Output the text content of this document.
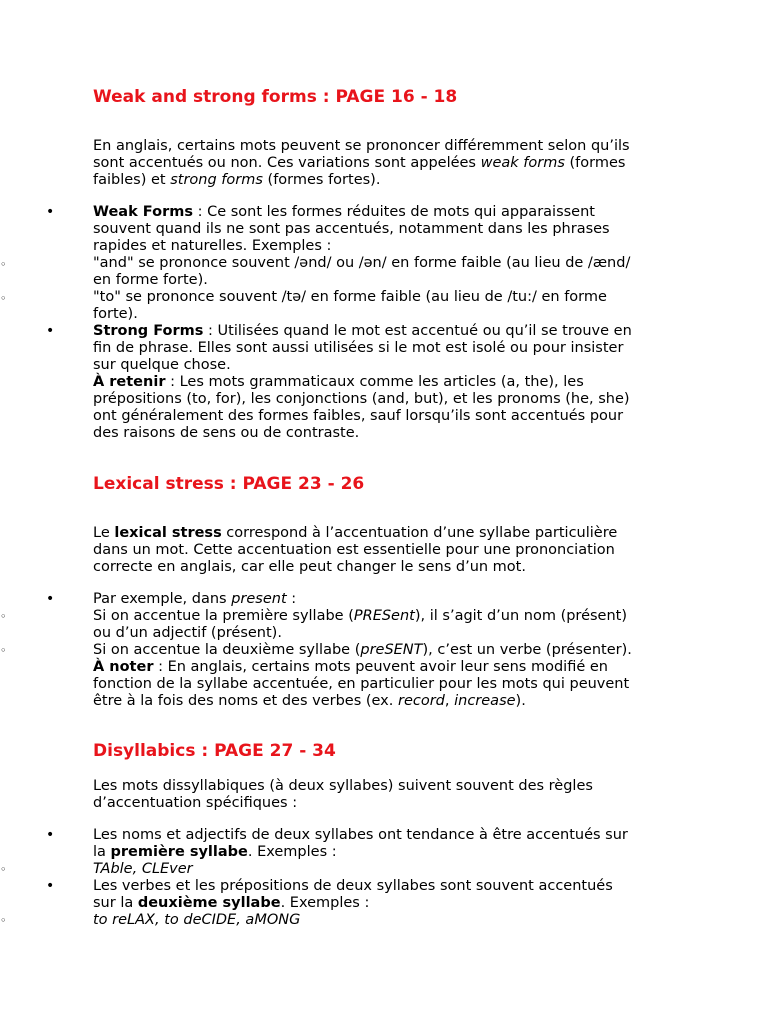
Weak and strong forms : PAGE 16 - 18
En anglais, certains mots peuvent se prononcer différemment selon qu’ils
sont accentués ou non. Ces variations sont appelées weak forms (formes
faibles) et strong forms (formes fortes).
•
◦
◦
Weak Forms : Ce sont les formes réduites de mots qui apparaissent
souvent quand ils ne sont pas accentués, notamment dans les phrases
rapides et naturelles. Exemples :
"and" se prononce souvent /ənd/ ou /ən/ en forme faible (au lieu de /ænd/
en forme forte).
"to" se prononce souvent /tə/ en forme faible (au lieu de /tu:/ en forme
forte).
•	Strong Forms : Utilisées quand le mot est accentué ou qu’il se trouve en
fin de phrase. Elles sont aussi utilisées si le mot est isolé ou pour insister
sur quelque chose.
À retenir : Les mots grammaticaux comme les articles (a, the), les
prépositions (to, for), les conjonctions (and, but), et les pronoms (he, she)
ont généralement des formes faibles, sauf lorsqu’ils sont accentués pour
des raisons de sens ou de contraste.
Lexical stress : PAGE 23 - 26
Le lexical stress correspond à l’accentuation d’une syllabe particulière
dans un mot. Cette accentuation est essentielle pour une prononciation
correcte en anglais, car elle peut changer le sens d’un mot.
•
◦
◦
Par exemple, dans present :
Si on accentue la première syllabe (PRESent), il s’agit d’un nom (présent)
ou d’un adjectif (présent).
Si on accentue la deuxième syllabe (preSENT), c’est un verbe (présenter).
À noter : En anglais, certains mots peuvent avoir leur sens modifié en
fonction de la syllabe accentuée, en particulier pour les mots qui peuvent
être à la fois des noms et des verbes (ex. record, increase).
Disyllabics : PAGE 27 - 34
Les mots dissyllabiques (à deux syllabes) suivent souvent des règles
d’accentuation spécifiques :
•
◦
Les noms et adjectifs de deux syllabes ont tendance à être accentués sur
la première syllabe. Exemples :
TAble, CLEver
•
◦
Les verbes et les prépositions de deux syllabes sont souvent accentués
sur la deuxième syllabe. Exemples :
to reLAX, to deCIDE, aMONG
